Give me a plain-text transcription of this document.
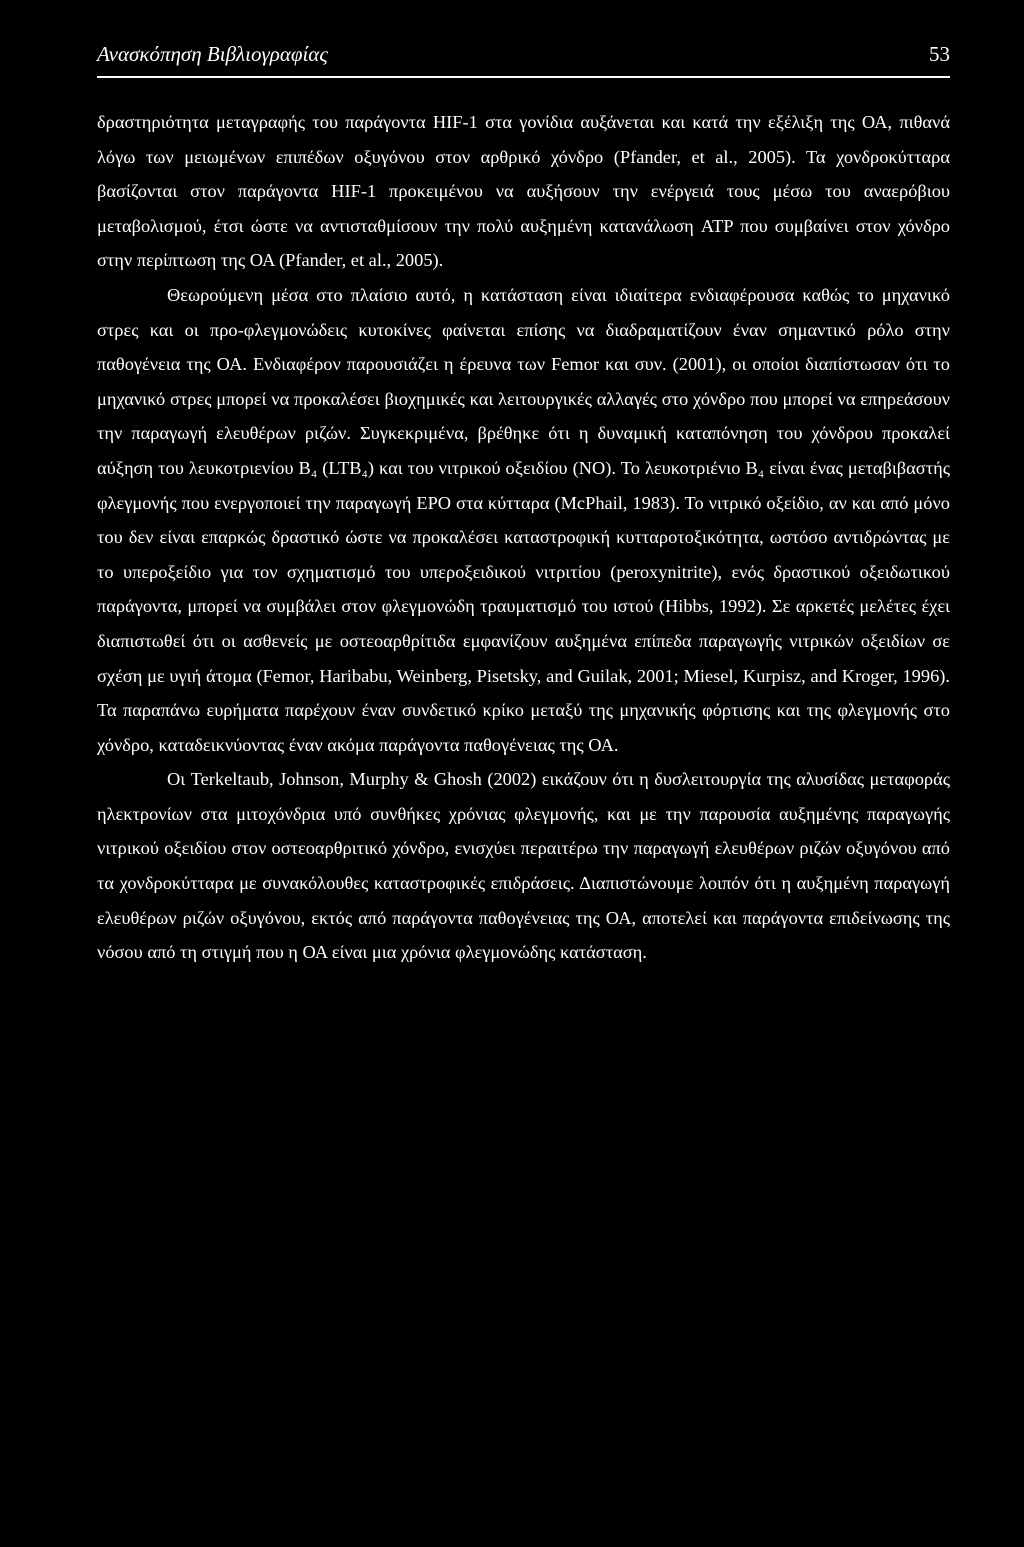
Ανασκόπηση Βιβλιογραφίας	53

δραστηριότητα μεταγραφής του παράγοντα HIF-1 στα γονίδια αυξάνεται και κατά την εξέλιξη της ΟΑ, πιθανά λόγω των μειωμένων επιπέδων οξυγόνου στον αρθρικό χόνδρο (Pfander, et al., 2005). Τα χονδροκύτταρα βασίζονται στον παράγοντα HIF-1 προκειμένου να αυξήσουν την ενέργειά τους μέσω του αναερόβιου μεταβολισμού, έτσι ώστε να αντισταθμίσουν την πολύ αυξημένη κατανάλωση ATP που συμβαίνει στον χόνδρο στην περίπτωση της ΟΑ (Pfander, et al., 2005).

Θεωρούμενη μέσα στο πλαίσιο αυτό, η κατάσταση είναι ιδιαίτερα ενδιαφέρουσα καθώς το μηχανικό στρες και οι προ-φλεγμονώδεις κυτοκίνες φαίνεται επίσης να διαδραματίζουν έναν σημαντικό ρόλο στην παθογένεια της ΟΑ. Ενδιαφέρον παρουσιάζει η έρευνα των Femor και συν. (2001), οι οποίοι διαπίστωσαν ότι το μηχανικό στρες μπορεί να προκαλέσει βιοχημικές και λειτουργικές αλλαγές στο χόνδρο που μπορεί να επηρεάσουν την παραγωγή ελευθέρων ριζών. Συγκεκριμένα, βρέθηκε ότι η δυναμική καταπόνηση του χόνδρου προκαλεί αύξηση του λευκοτριενίου B₄ (LTB₄) και του νιτρικού οξειδίου (NO). Το λευκοτριένιο B₄ είναι ένας μεταβιβαστής φλεγμονής που ενεργοποιεί την παραγωγή EPO στα κύτταρα (McPhail, 1983). Το νιτρικό οξείδιο, αν και από μόνο του δεν είναι επαρκώς δραστικό ώστε να προκαλέσει καταστροφική κυτταροτοξικότητα, ωστόσο αντιδρώντας με το υπεροξείδιο για τον σχηματισμό του υπεροξειδικού νιτριτίου (peroxynitrite), ενός δραστικού οξειδωτικού παράγοντα, μπορεί να συμβάλει στον φλεγμονώδη τραυματισμό του ιστού (Hibbs, 1992). Σε αρκετές μελέτες έχει διαπιστωθεί ότι οι ασθενείς με οστεοαρθρίτιδα εμφανίζουν αυξημένα επίπεδα παραγωγής νιτρικών οξειδίων σε σχέση με υγιή άτομα (Femor, Haribabu, Weinberg, Pisetsky, and Guilak, 2001; Miesel, Kurpisz, and Kroger, 1996). Τα παραπάνω ευρήματα παρέχουν έναν συνδετικό κρίκο μεταξύ της μηχανικής φόρτισης και της φλεγμονής στο χόνδρο, καταδεικνύοντας έναν ακόμα παράγοντα παθογένειας της ΟΑ.

Οι Terkeltaub, Johnson, Murphy & Ghosh (2002) εικάζουν ότι η δυσλειτουργία της αλυσίδας μεταφοράς ηλεκτρονίων στα μιτοχόνδρια υπό συνθήκες χρόνιας φλεγμονής, και με την παρουσία αυξημένης παραγωγής νιτρικού οξειδίου στον οστεοαρθριτικό χόνδρο, ενισχύει περαιτέρω την παραγωγή ελευθέρων ριζών οξυγόνου από τα χονδροκύτταρα με συνακόλουθες καταστροφικές επιδράσεις. Διαπιστώνουμε λοιπόν ότι η αυξημένη παραγωγή ελευθέρων ριζών οξυγόνου, εκτός από παράγοντα παθογένειας της ΟΑ, αποτελεί και παράγοντα επιδείνωσης της νόσου από τη στιγμή που η ΟΑ είναι μια χρόνια φλεγμονώδης κατάσταση.
